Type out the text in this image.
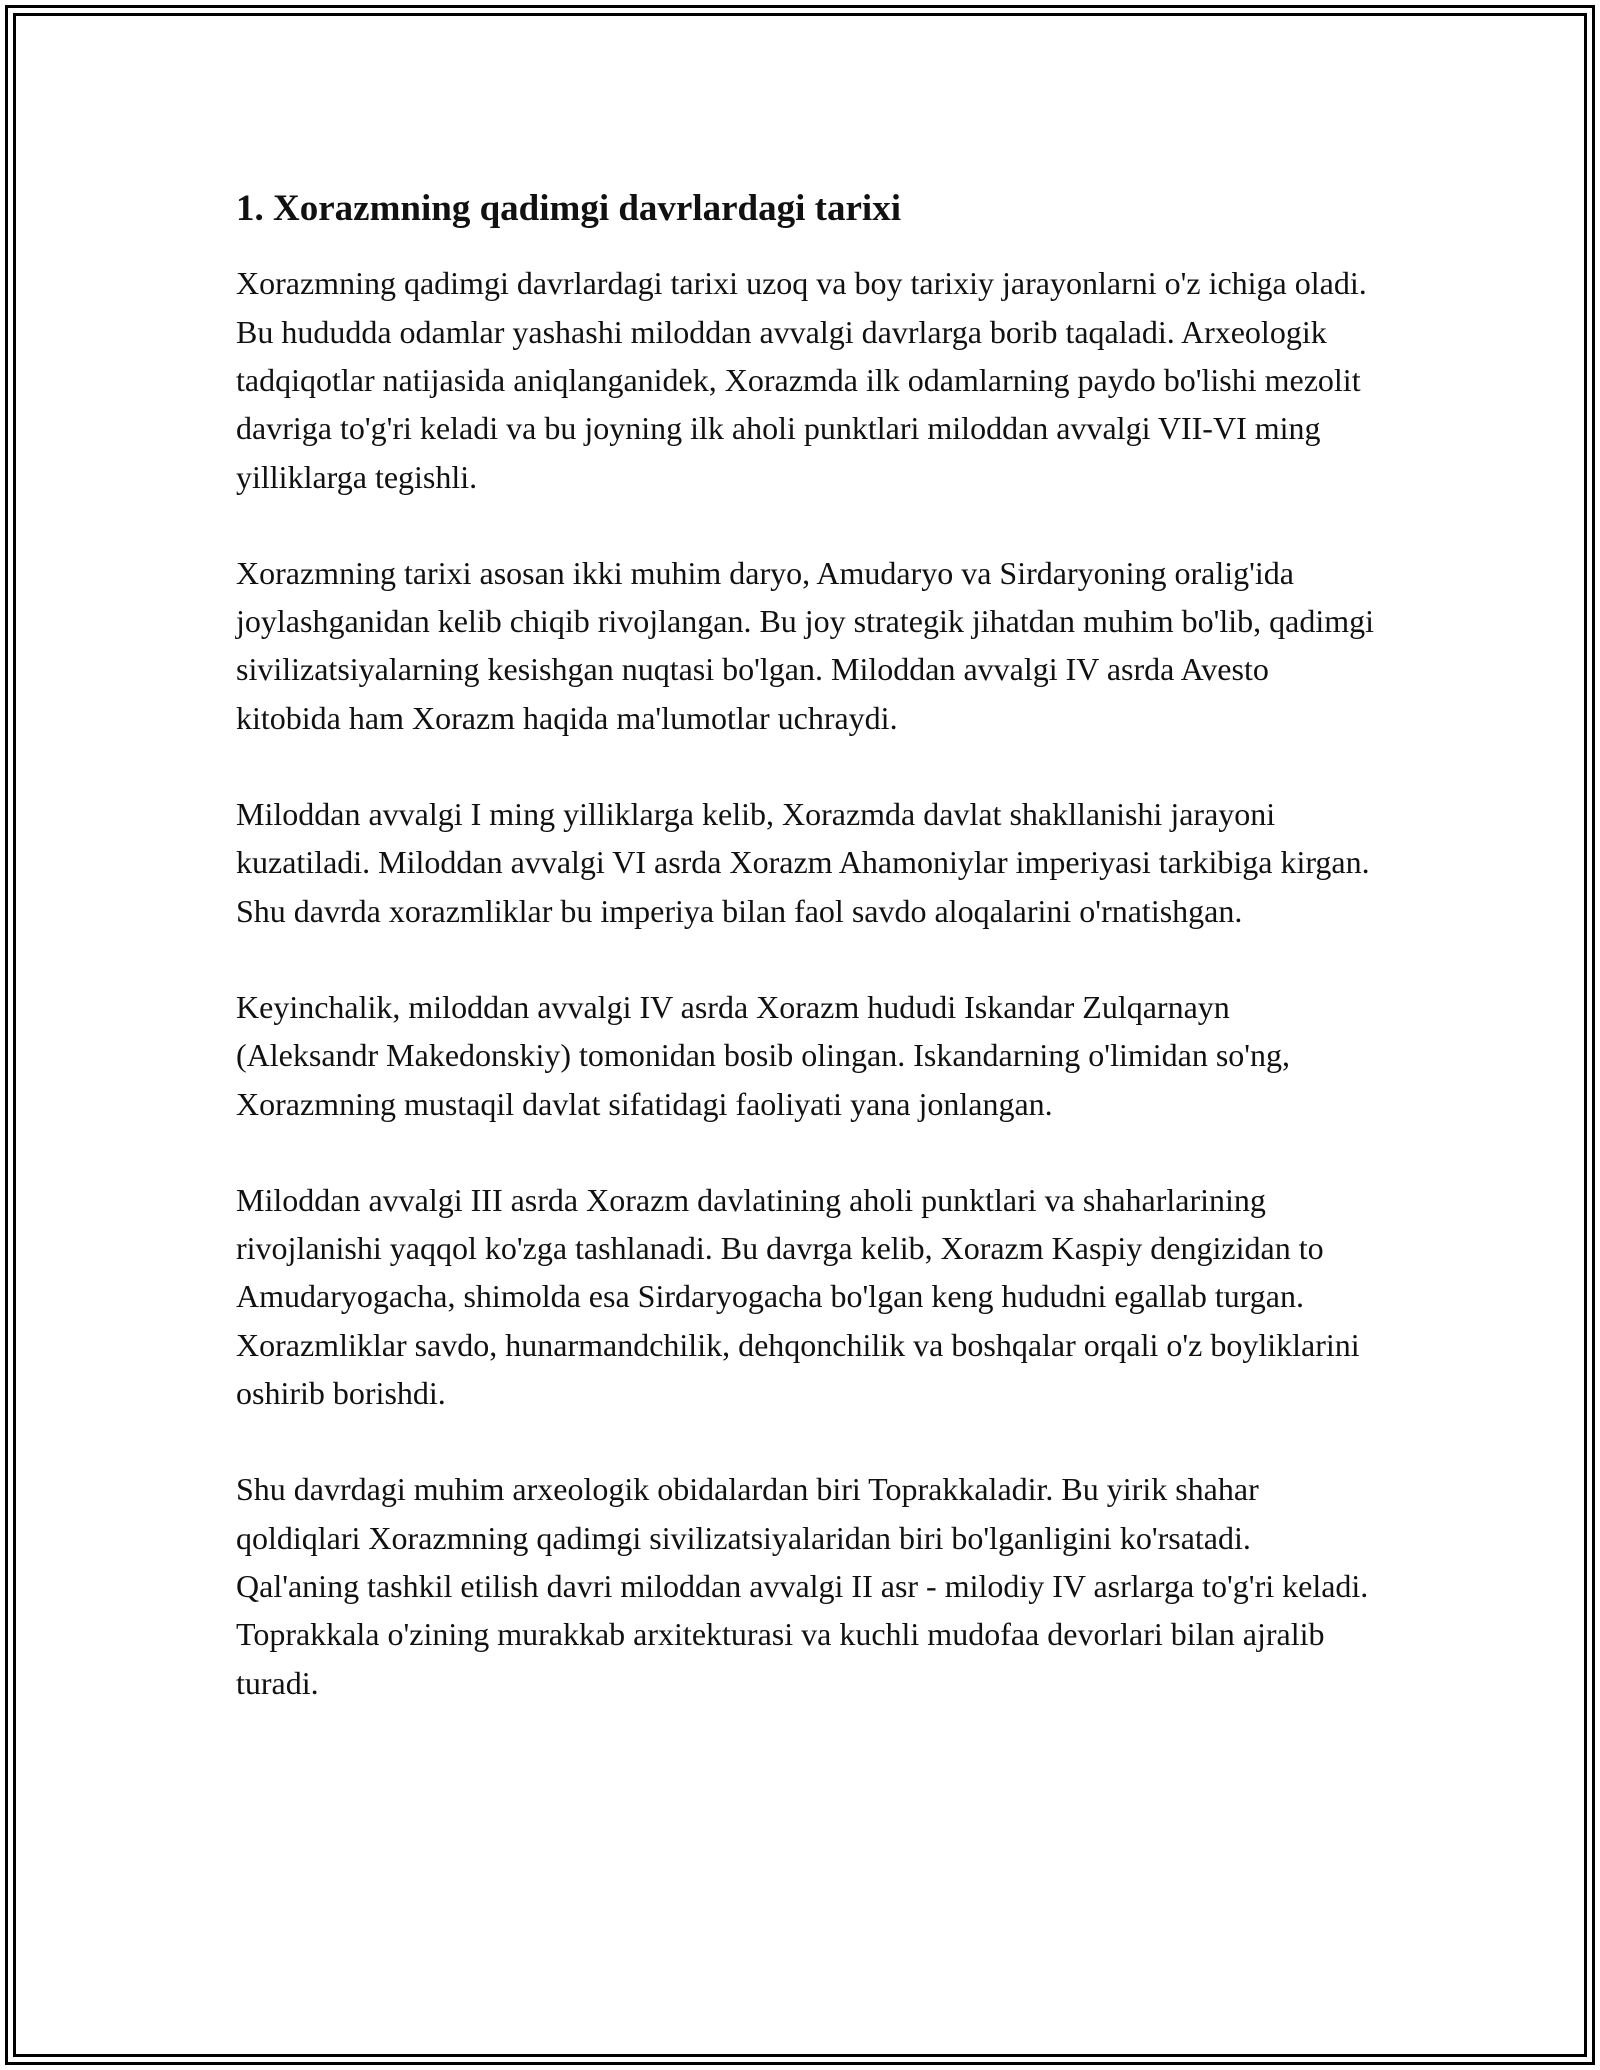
1. Xorazmning qadimgi davrlardagi tarixi

Xorazmning qadimgi davrlardagi tarixi uzoq va boy tarixiy jarayonlarni o'z ichiga oladi. Bu hududda odamlar yashashi miloddan avvalgi davrlarga borib taqaladi. Arxeologik tadqiqotlar natijasida aniqlanganidek, Xorazmda ilk odamlarning paydo bo'lishi mezolit davriga to'g'ri keladi va bu joyning ilk aholi punktlari miloddan avvalgi VII-VI ming yilliklarga tegishli.

Xorazmning tarixi asosan ikki muhim daryo, Amudaryo va Sirdaryoning oralig'ida joylashganidan kelib chiqib rivojlangan. Bu joy strategik jihatdan muhim bo'lib, qadimgi sivilizatsiyalarning kesishgan nuqtasi bo'lgan. Miloddan avvalgi IV asrda Avesto kitobida ham Xorazm haqida ma'lumotlar uchraydi.

Miloddan avvalgi I ming yilliklarga kelib, Xorazmda davlat shakllanishi jarayoni kuzatiladi. Miloddan avvalgi VI asrda Xorazm Ahamoniylar imperiyasi tarkibiga kirgan. Shu davrda xorazmliklar bu imperiya bilan faol savdo aloqalarini o'rnatishgan.

Keyinchalik, miloddan avvalgi IV asrda Xorazm hududi Iskandar Zulqarnayn (Aleksandr Makedonskiy) tomonidan bosib olingan. Iskandarning o'limidan so'ng, Xorazmning mustaqil davlat sifatidagi faoliyati yana jonlangan.

Miloddan avvalgi III asrda Xorazm davlatining aholi punktlari va shaharlarining rivojlanishi yaqqol ko'zga tashlanadi. Bu davrga kelib, Xorazm Kaspiy dengizidan to Amudaryogacha, shimolda esa Sirdaryogacha bo'lgan keng hududni egallab turgan. Xorazmliklar savdo, hunarmandchilik, dehqonchilik va boshqalar orqali o'z boyliklarini oshirib borishdi.

Shu davrdagi muhim arxeologik obidalardan biri Toprakkaladir. Bu yirik shahar qoldiqlari Xorazmning qadimgi sivilizatsiyalaridan biri bo'lganligini ko'rsatadi. Qal'aning tashkil etilish davri miloddan avvalgi II asr - milodiy IV asrlarga to'g'ri keladi. Toprakkala o'zining murakkab arxitekturasi va kuchli mudofaa devorlari bilan ajralib turadi.
